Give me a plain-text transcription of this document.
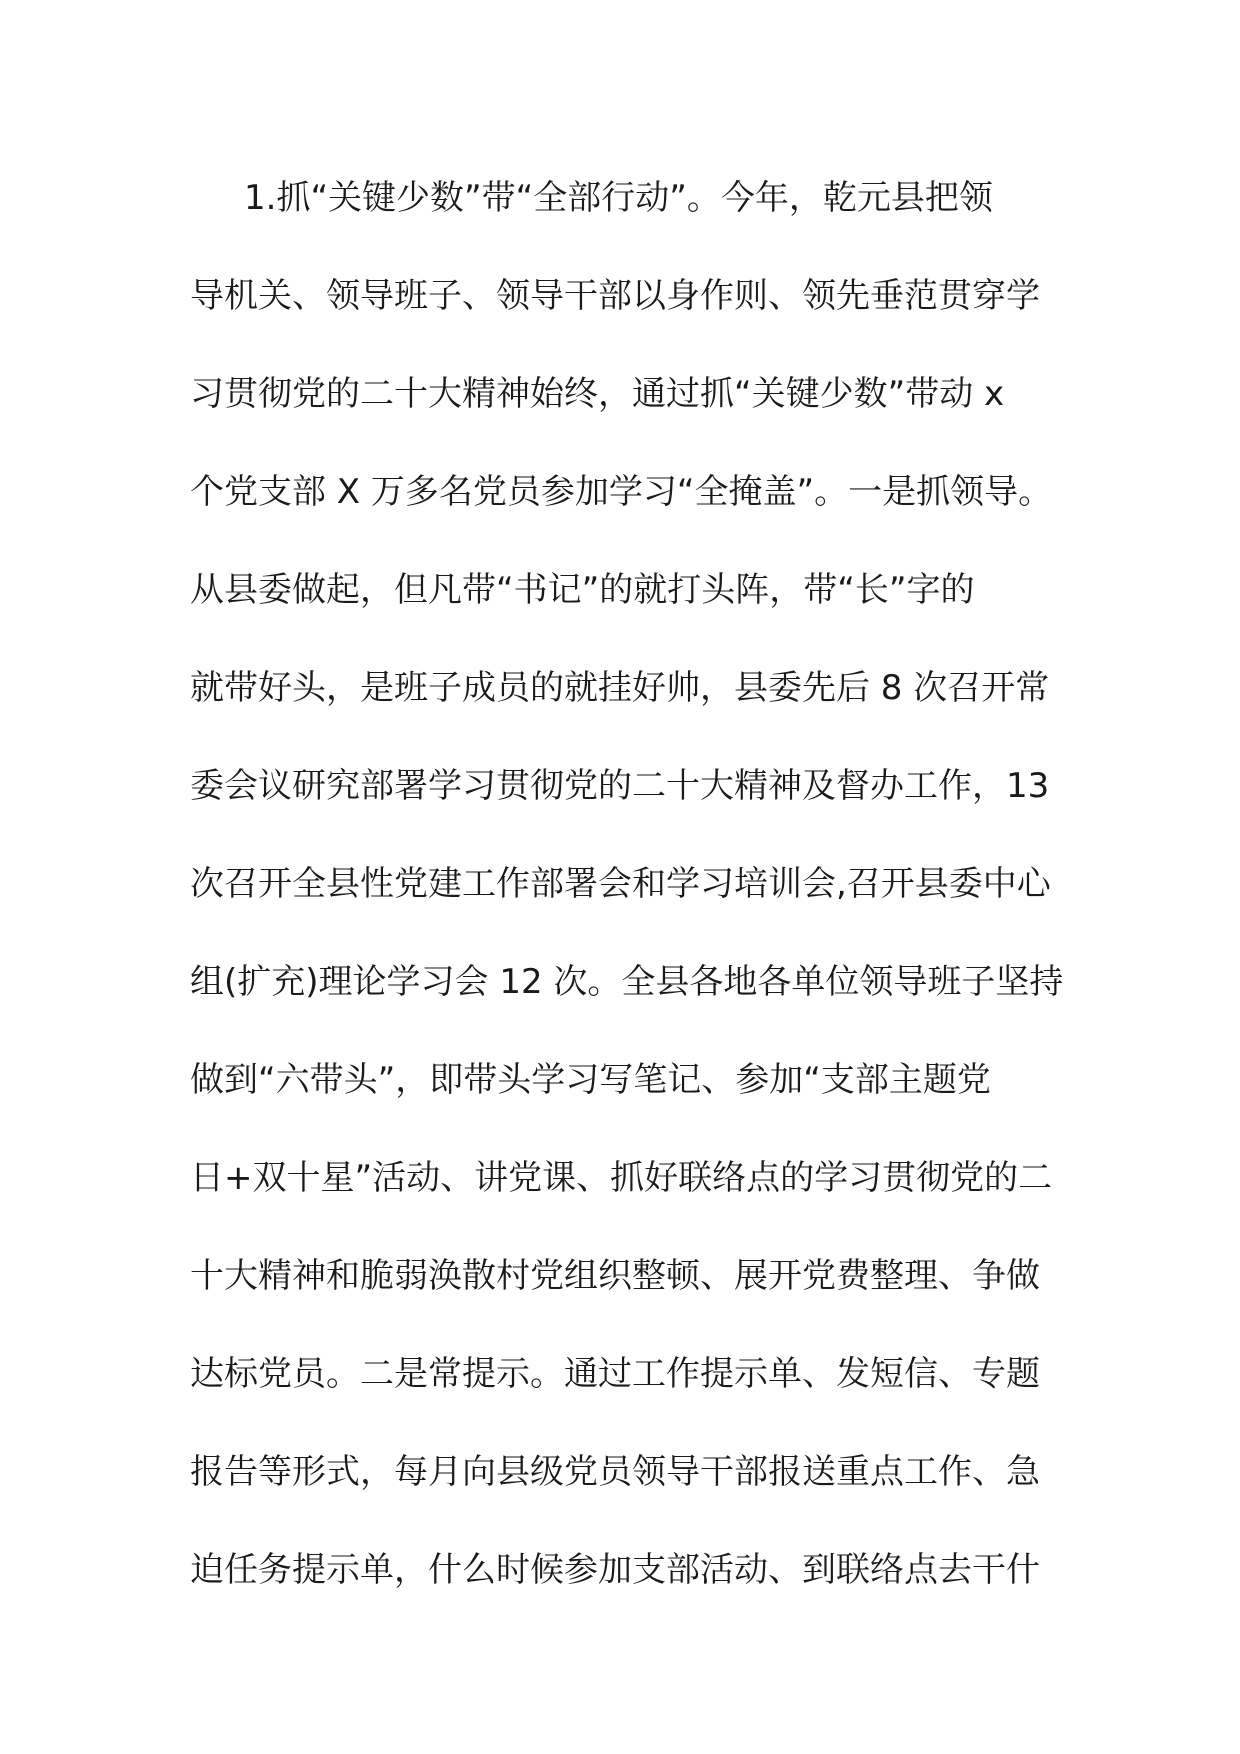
1.抓“关键少数”带“全部行动”。今年，乾元县把领
导机关、领导班子、领导干部以身作则、领先垂范贯穿学
习贯彻党的二十大精神始终，通过抓“关键少数”带动 x
个党支部 X 万多名党员参加学习“全掩盖”。一是抓领导。
从县委做起，但凡带“书记”的就打头阵，带“长”字的
就带好头，是班子成员的就挂好帅，县委先后 8 次召开常
委会议研究部署学习贯彻党的二十大精神及督办工作，13
次召开全县性党建工作部署会和学习培训会,召开县委中心
组(扩充)理论学习会 12 次。全县各地各单位领导班子坚持
做到“六带头”，即带头学习写笔记、参加“支部主题党
日+双十星”活动、讲党课、抓好联络点的学习贯彻党的二
十大精神和脆弱涣散村党组织整顿、展开党费整理、争做
达标党员。二是常提示。通过工作提示单、发短信、专题
报告等形式，每月向县级党员领导干部报送重点工作、急
迫任务提示单，什么时候参加支部活动、到联络点去干什
